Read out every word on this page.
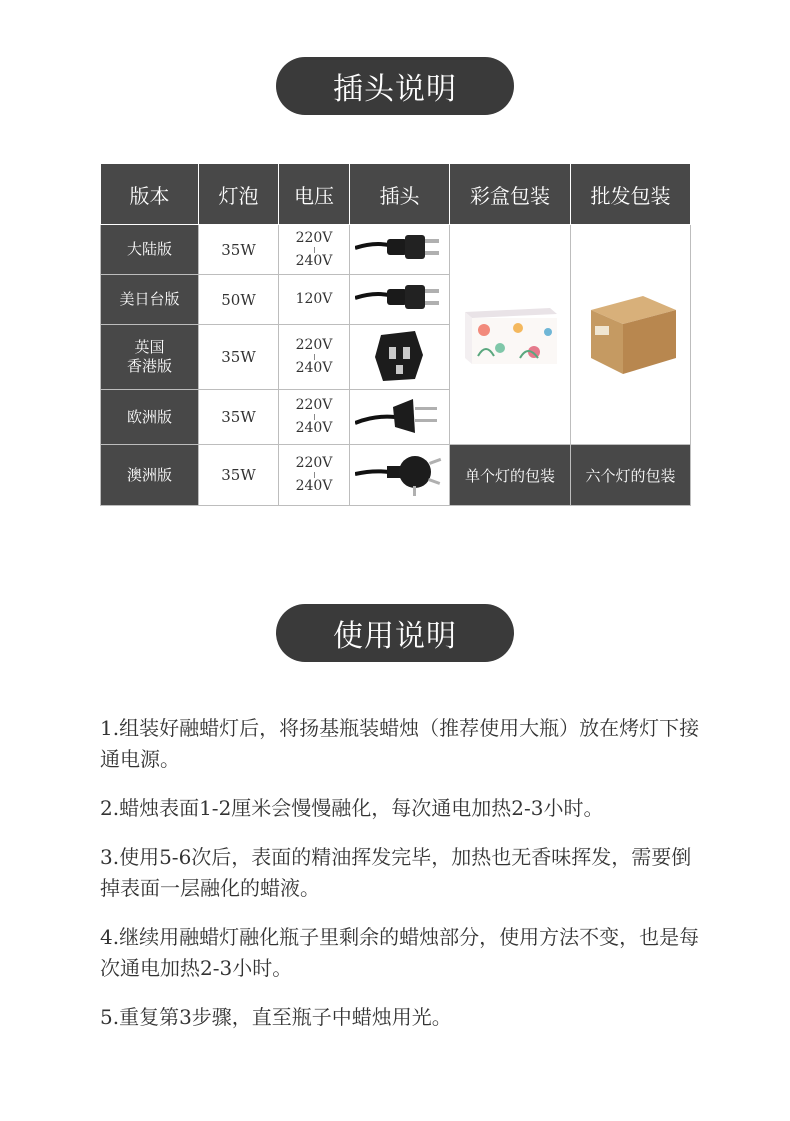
插头说明
版本	灯泡	电压	插头	彩盒包装	批发包装
大陆版	35W	220V
240V			
美日台版	50W	120V	
英国
香港版	35W	220V
240V	
欧洲版	35W	220V
240V	
澳洲版	35W	220V
240V		单个灯的包装	六个灯的包装
使用说明

1.组装好融蜡灯后，将扬基瓶装蜡烛（推荐使用大瓶）放在烤灯下接通电源。

2.蜡烛表面1-2厘米会慢慢融化，每次通电加热2-3小时。

3.使用5-6次后，表面的精油挥发完毕，加热也无香味挥发，需要倒掉表面一层融化的蜡液。

4.继续用融蜡灯融化瓶子里剩余的蜡烛部分，使用方法不变，也是每次通电加热2-3小时。

5.重复第3步骤，直至瓶子中蜡烛用光。
